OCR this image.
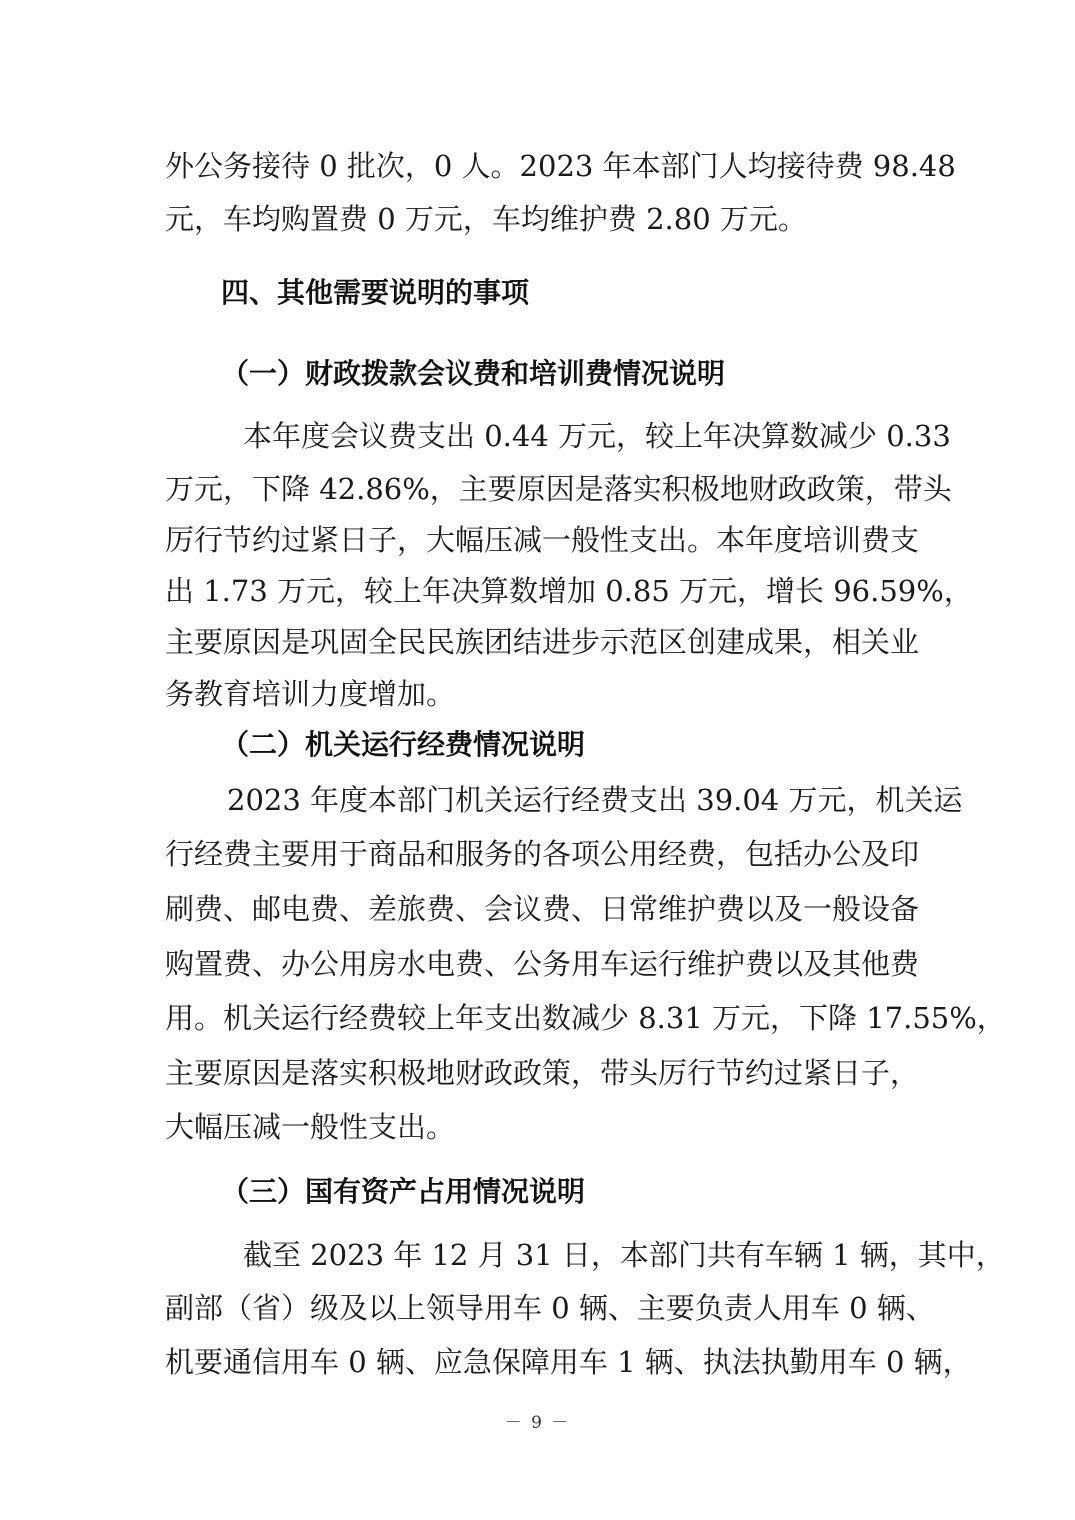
外公务接待 0 批次，0 人。2023 年本部门人均接待费 98.48
元，车均购置费 0 万元，车均维护费 2.80 万元。
四、其他需要说明的事项
（一）财政拨款会议费和培训费情况说明
本年度会议费支出 0.44 万元，较上年决算数减少 0.33
万元，下降 42.86%，主要原因是落实积极地财政政策，带头
厉行节约过紧日子，大幅压减一般性支出。本年度培训费支
出 1.73 万元，较上年决算数增加 0.85 万元，增长 96.59%，
主要原因是巩固全民民族团结进步示范区创建成果，相关业
务教育培训力度增加。
（二）机关运行经费情况说明
2023 年度本部门机关运行经费支出 39.04 万元，机关运
行经费主要用于商品和服务的各项公用经费，包括办公及印
刷费、邮电费、差旅费、会议费、日常维护费以及一般设备
购置费、办公用房水电费、公务用车运行维护费以及其他费
用。机关运行经费较上年支出数减少 8.31 万元，下降 17.55%，
主要原因是落实积极地财政政策，带头厉行节约过紧日子，
大幅压减一般性支出。
（三）国有资产占用情况说明
截至 2023 年 12 月 31 日，本部门共有车辆 1 辆，其中，
副部（省）级及以上领导用车 0 辆、主要负责人用车 0 辆、
机要通信用车 0 辆、应急保障用车 1 辆、执法执勤用车 0 辆，
－ 9 －
